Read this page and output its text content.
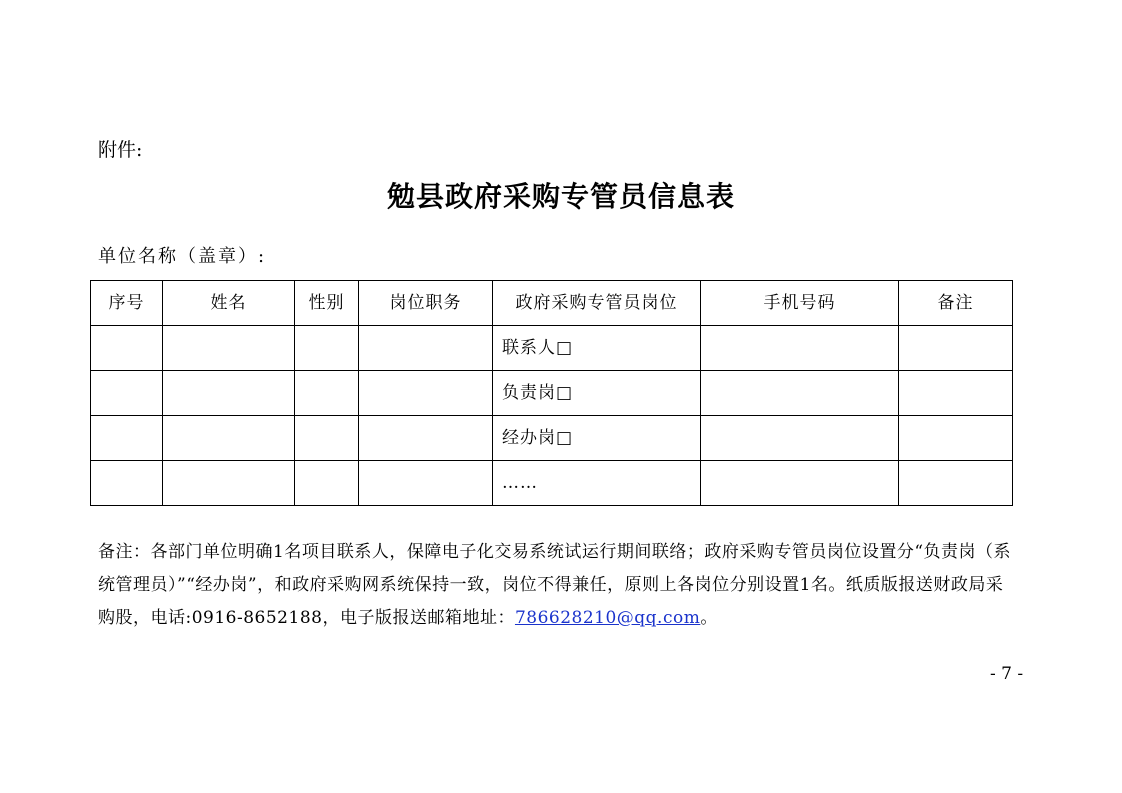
附件:
勉县政府采购专管员信息表
单位名称（盖章）:
序号	姓名	性别	岗位职务	政府采购专管员岗位	手机号码	备注
				联系人□		
				负责岗□		
				经办岗□		
				……		
备注：各部门单位明确1名项目联系人，保障电子化交易系统试运行期间联络；政府采购专管员岗位设置分“负责岗（系统管理员）”“经办岗”，和政府采购网系统保持一致，岗位不得兼任，原则上各岗位分别设置1名。纸质版报送财政局采购股，电话:0916-8652188，电子版报送邮箱地址：786628210@qq.com。
- 7 -
